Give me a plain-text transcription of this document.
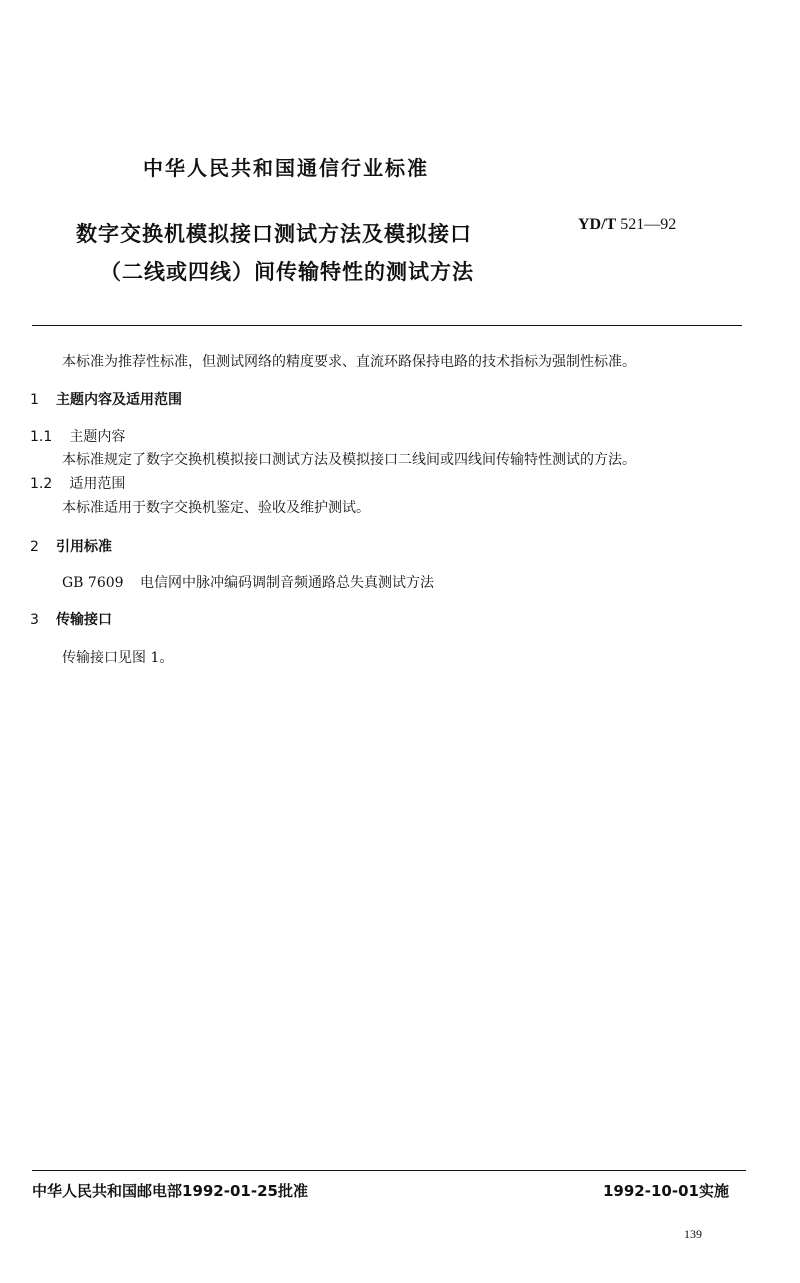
中华人民共和国通信行业标准
数字交换机模拟接口测试方法及模拟接口
（二线或四线）间传输特性的测试方法
YD/T 521—92
本标准为推荐性标准，但测试网络的精度要求、直流环路保持电路的技术指标为强制性标准。
1 主题内容及适用范围
1.1 主题内容
本标准规定了数字交换机模拟接口测试方法及模拟接口二线间或四线间传输特性测试的方法。
1.2 适用范围
本标准适用于数字交换机鉴定、验收及维护测试。
2 引用标准
GB 7609 电信网中脉冲编码调制音频通路总失真测试方法
3 传输接口
传输接口见图 1。
中华人民共和国邮电部1992-01-25批准	1992-10-01实施
139
